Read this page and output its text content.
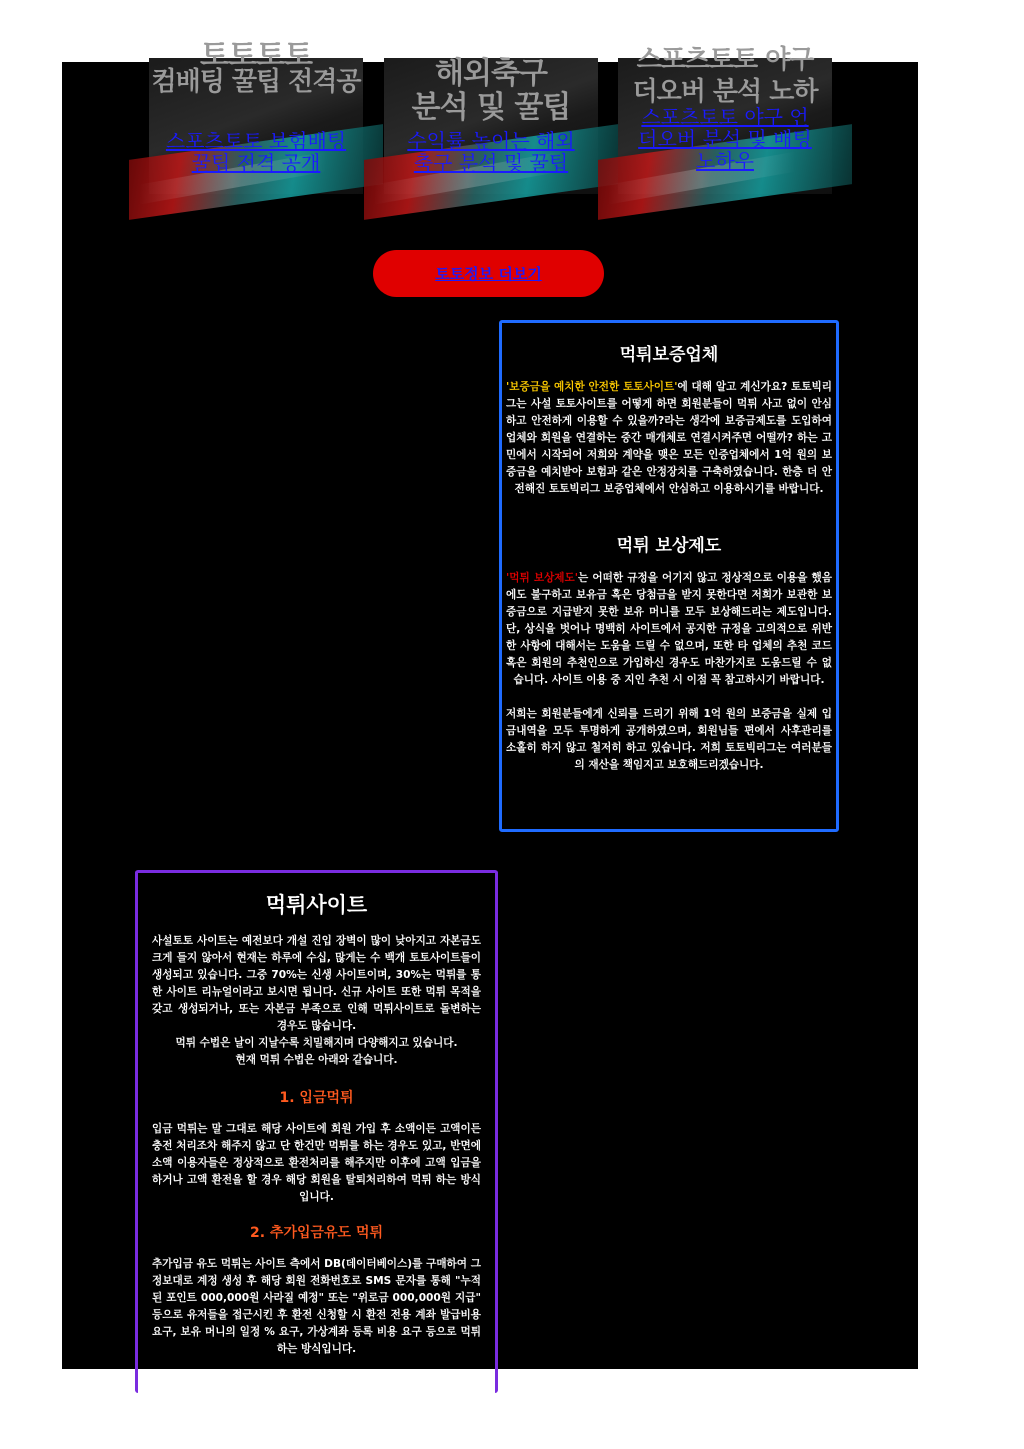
토토토토
컴배팅 꿀팁 전격공
스포츠토토 보험배팅 꿀팁 전격 공개
해외축구
분석 및 꿀팁
수익률 높이는 해외축구 분석 및 꿀팁
스포츠토토 야구
더오버 분석 노하
스포츠토토 야구 언더오버 분석 및 배팅 노하우
토토정보 더보기
먹튀보증업체

'보증금을 예치한 안전한 토토사이트'에 대해 알고 계신가요? 토토빅리그는 사설 토토사이트를 어떻게 하면 회원분들이 먹튀 사고 없이 안심하고 안전하게 이용할 수 있을까?라는 생각에 보증금제도를 도입하여 업체와 회원을 연결하는 중간 매개체로 연결시켜주면 어떨까? 하는 고민에서 시작되어 저희와 계약을 맺은 모든 인증업체에서 1억 원의 보증금을 예치받아 보험과 같은 안정장치를 구축하였습니다. 한층 더 안전해진 토토빅리그 보증업체에서 안심하고 이용하시기를 바랍니다.

먹튀 보상제도

'먹튀 보상제도'는 어떠한 규정을 어기지 않고 정상적으로 이용을 했음에도 불구하고 보유금 혹은 당첨금을 받지 못한다면 저희가 보관한 보증금으로 지급받지 못한 보유 머니를 모두 보상해드리는 제도입니다. 단, 상식을 벗어나 명백히 사이트에서 공지한 규정을 고의적으로 위반한 사항에 대해서는 도움을 드릴 수 없으며, 또한 타 업체의 추천 코드 혹은 회원의 추천인으로 가입하신 경우도 마찬가지로 도움드릴 수 없습니다. 사이트 이용 중 지인 추천 시 이점 꼭 참고하시기 바랍니다.

저희는 회원분들에게 신뢰를 드리기 위해 1억 원의 보증금을 실제 입금내역을 모두 투명하게 공개하였으며, 회원님들 편에서 사후관리를 소홀히 하지 않고 철저히 하고 있습니다. 저희 토토빅리그는 여러분들의 재산을 책임지고 보호해드리겠습니다.

먹튀사이트

사설토토 사이트는 예전보다 개설 진입 장벽이 많이 낮아지고 자본금도 크게 들지 않아서 현재는 하루에 수십, 많게는 수 백개 토토사이트들이 생성되고 있습니다. 그중 70%는 신생 사이트이며, 30%는 먹튀를 통한 사이트 리뉴얼이라고 보시면 됩니다. 신규 사이트 또한 먹튀 목적을 갖고 생성되거나, 또는 자본금 부족으로 인해 먹튀사이트로 돌변하는 경우도 많습니다.

먹튀 수법은 날이 지날수록 치밀해지며 다양해지고 있습니다.

현재 먹튀 수법은 아래와 같습니다.

1. 입금먹튀

입금 먹튀는 말 그대로 해당 사이트에 회원 가입 후 소액이든 고액이든 충전 처리조차 해주지 않고 단 한건만 먹튀를 하는 경우도 있고, 반면에 소액 이용자들은 정상적으로 환전처리를 해주지만 이후에 고액 입금을 하거나 고액 환전을 할 경우 해당 회원을 탈퇴처리하여 먹튀 하는 방식입니다.

2. 추가입금유도 먹튀

추가입금 유도 먹튀는 사이트 측에서 DB(데이터베이스)를 구매하여 그 정보대로 계정 생성 후 해당 회원 전화번호로 SMS 문자를 통해 "누적된 포인트 000,000원 사라질 예정" 또는 "위로금 000,000원 지급" 등으로 유저들을 접근시킨 후 환전 신청할 시 환전 전용 계좌 발급비용 요구, 보유 머니의 일정 % 요구, 가상계좌 등록 비용 요구 등으로 먹튀 하는 방식입니다.
